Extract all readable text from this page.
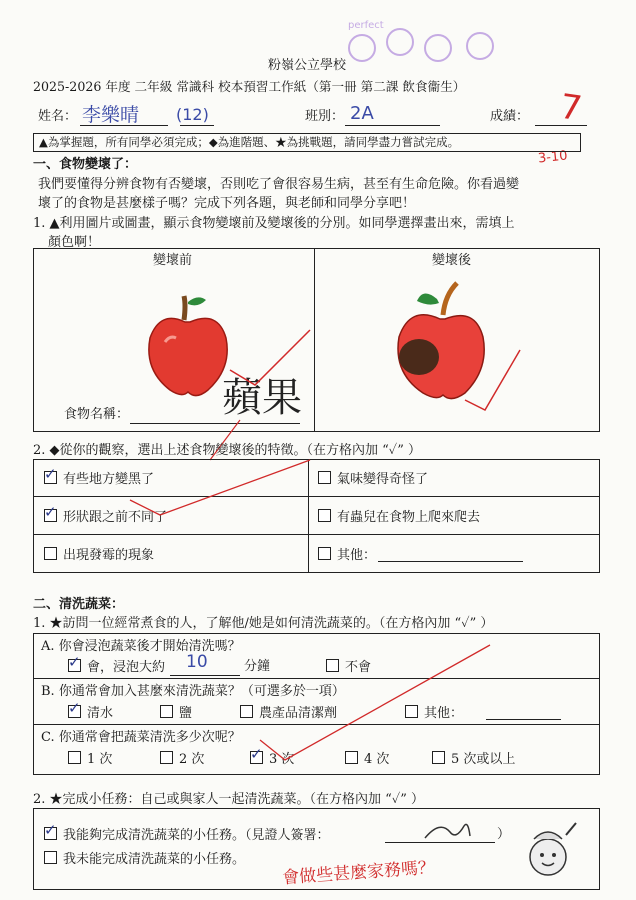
粉嶺公立學校
perfect
2025-2026 年度 二年級 常識科 校本預習工作紙（第一冊 第二課 飲食衞生）
姓名： 李樂晴 (12)	班別： 2A	成績： 7
3-10
▲為掌握題，所有同學必須完成；◆為進階題、★為挑戰題，請同學盡力嘗試完成。
一、食物變壞了：
我們要懂得分辨食物有否變壞，否則吃了會很容易生病，甚至有生命危險。你看過變
壞了的食物是甚麼樣子嗎？完成下列各題，與老師和同學分享吧！
1. ▲利用圖片或圖畫，顯示食物變壞前及變壞後的分別。如同學選擇畫出來，需填上
顏色啊！
變壞前	變壞後
食物名稱： 蘋果
2. ◆從你的觀察，選出上述食物變壞後的特徵。（在方格內加 “✓” ）
✓ 有些地方變黑了	氣味變得奇怪了
✓ 形狀跟之前不同了	有蟲兒在食物上爬來爬去
出現發霉的現象	其他：
二、清洗蔬菜：
1. ★訪問一位經常煮食的人，了解他/她是如何清洗蔬菜的。（在方格內加 “✓” ）
A. 你會浸泡蔬菜後才開始清洗嗎？
✓ 會，浸泡大約 10	分鐘	不會
B. 你通常會加入甚麼來清洗蔬菜？（可選多於一項）
✓ 清水	鹽	農產品清潔劑	其他：
C. 你通常會把蔬菜清洗多少次呢？
1 次	2 次	✓ 3 次	4 次	5 次或以上
2. ★完成小任務：自己或與家人一起清洗蔬菜。（在方格內加 “✓” ）
✓ 我能夠完成清洗蔬菜的小任務。（見證人簽署：	）
我未能完成清洗蔬菜的小任務。 會做些甚麼家務嗎？
